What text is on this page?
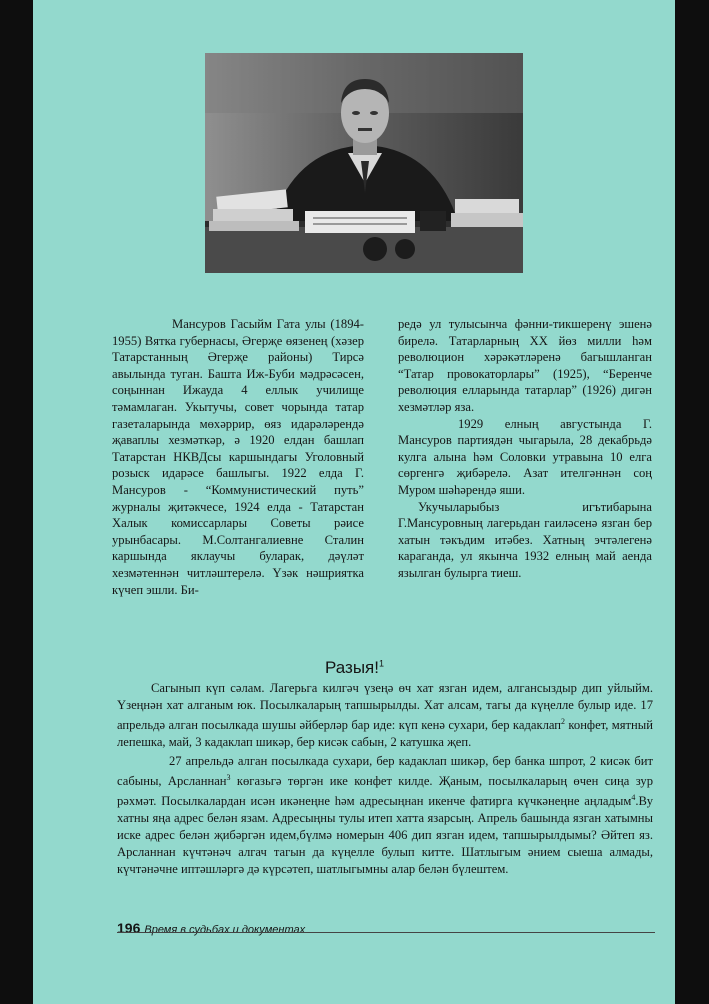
Мансуров Гасыйм Гата улы (1894-1955) Вятка губернасы, Әгерҗе өязенең (хәзер Татарстанның Әгерҗе районы) Тирсә авылында туган. Башта Иж-Буби мәдрәсәсен, соңыннан Ижауда 4 еллык училище тәмамлаган. Укытучы, совет чорында татар газеталарында мөхәррир, өяз идарәләрендә җаваплы хезмәткәр, ә 1920 елдан башлап Татарстан НКВДсы каршындагы Уголовный розыск идарәсе башлыгы. 1922 елда Г. Мансуров - “Коммунистический путь” журналы җитәкчесе, 1924 елда - Татарстан Халык комиссарлары Советы рәисе урынбасары. М.Солтангалиевне Сталин каршында яклаучы буларак, дәүләт хезмәтеннән читләштерелә. Үзәк нәшриятка күчеп эшли. Би-

редә ул тулысынча фәнни-тикшеренү эшенә бирелә. Татарларның XX йөз милли һәм революцион хәрәкәтләренә багышланган “Татар провокаторлары” (1925), “Беренче революция елларында татарлар” (1926) дигән хезмәтләр яза.

1929 елның августында Г. Мансуров партиядән чыгарыла, 28 декабрьдә кулга алына һәм Соловки утравына 10 елга сөргенгә җибәрелә. Азат ителгәннән соң Муром шәһәрендә яши.

Укучыларыбыз игътибарына Г.Мансуровның лагерьдан гаиләсенә язган бер хатын тәкъдим итәбез. Хатның эчтәлегенә карaганда, ул якынча 1932 елның май аенда язылган булырга тиеш.

Разыя!$^1$

Сагынып күп сәлам. Лагерьга килгәч үзеңә өч хат язган идем, алгансыздыр дип уйлыйм. Үзеңнән хат алганым юк. Посылкаларың тапшырылды. Хат алсам, тагы да күңелле булыр иде. 17 апрельдә алган посылкада шушы әйберләр бар иде: күп кенә сухари, бер кадаклап$^2$ конфет, мятный лепешка, май, 3 кадаклап шикәр, бер кисәк сабын, 2 катушка җеп.

27 апрельдә алган посылкада сухари, бер кадаклап шикәр, бер банка шпрот, 2 кисәк бит сабыны, Арсланнан$^3$ көгазьгә төргән ике конфет килде. Җаным, посылкаларың өчен сиңа зур рәхмәт. Посылкалардан исән икәнеңне һәм адресыңнан икенче фатирга күчкәнеңне аңладым$^4$.Ву хатны яңа адрес белән язам. Адресыңны тулы итеп хатта язарсың. Апрель башында язган хатымны иске адрес белән җибәргән идем,бүлмә номерын 406 дип язган идем, тапшырылдымы? Әйтеп яз. Арсланнан күчтәнәч алгач тагын да күңелле булып китте. Шатлыгым әнием сыеша алмады, күчтәнәчне иптәшләргә дә күрсәтеп, шатлыгымны алар белән бүлештем.

196 Время в судьбах и документах
